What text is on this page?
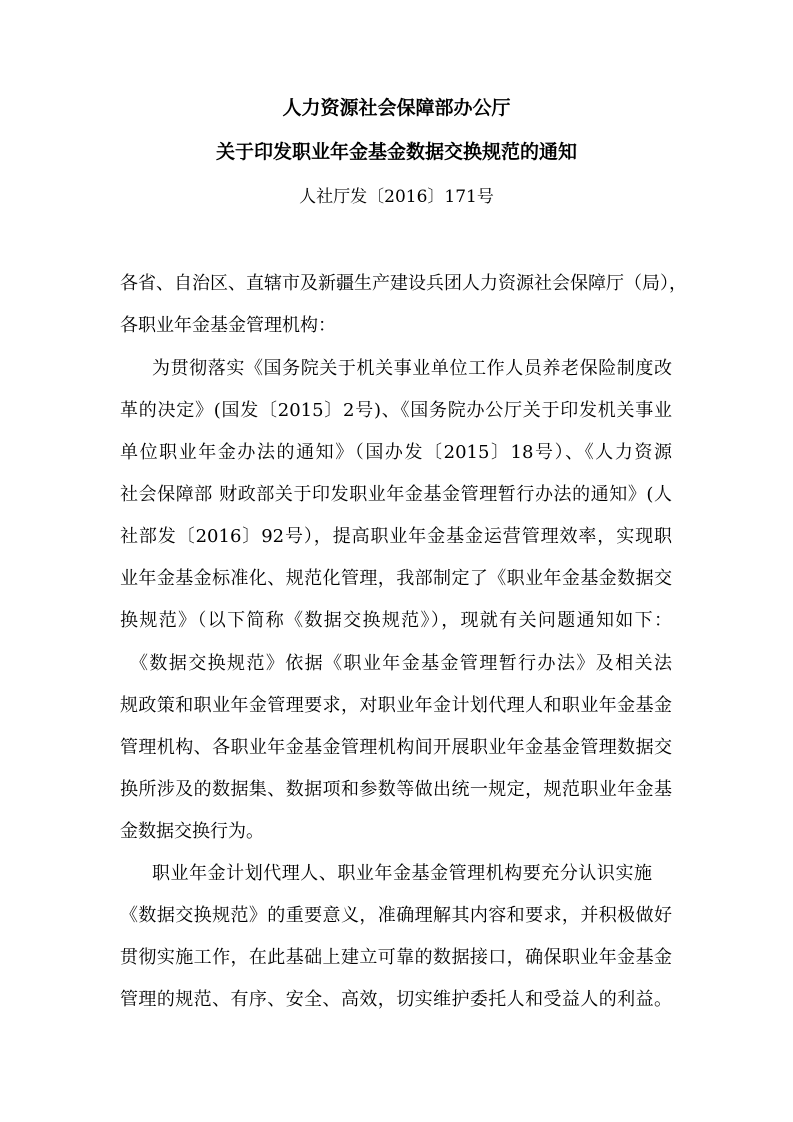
人力资源社会保障部办公厅
关于印发职业年金基金数据交换规范的通知
人社厅发〔2016〕171号
各省、自治区、直辖市及新疆生产建设兵团人力资源社会保障厅（局），
各职业年金基金管理机构：
为贯彻落实《国务院关于机关事业单位工作人员养老保险制度改
革的决定》(国发〔2015〕2号)、《国务院办公厅关于印发机关事业
单位职业年金办法的通知》（国办发〔2015〕18号）、《人力资源
社会保障部 财政部关于印发职业年金基金管理暂行办法的通知》(人
社部发〔2016〕92号），提高职业年金基金运营管理效率，实现职
业年金基金标准化、规范化管理，我部制定了《职业年金基金数据交
换规范》（以下简称《数据交换规范》），现就有关问题通知如下：
《数据交换规范》依据《职业年金基金管理暂行办法》及相关法
规政策和职业年金管理要求，对职业年金计划代理人和职业年金基金
管理机构、各职业年金基金管理机构间开展职业年金基金管理数据交
换所涉及的数据集、数据项和参数等做出统一规定，规范职业年金基
金数据交换行为。
职业年金计划代理人、职业年金基金管理机构要充分认识实施
《数据交换规范》的重要意义，准确理解其内容和要求，并积极做好
贯彻实施工作，在此基础上建立可靠的数据接口，确保职业年金基金
管理的规范、有序、安全、高效，切实维护委托人和受益人的利益。
